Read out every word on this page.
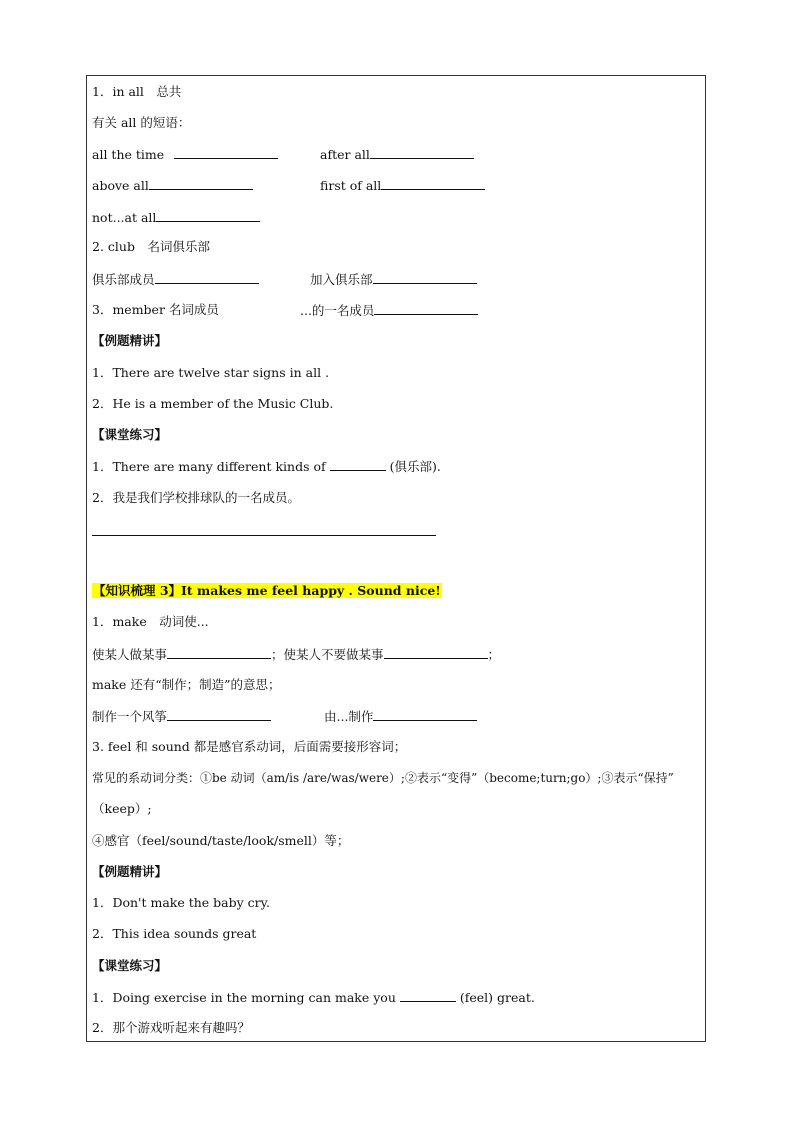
1．in all　总共
有关 all 的短语：
all the time	after all
above all	first of all
not...at all
2. club　名词俱乐部
俱乐部成员	加入俱乐部
3．member 名词成员	...的一名成员
【例题精讲】
1．There are twelve star signs in all .
2．He is a member of the Music Club.
【课堂练习】
1．There are many different kinds of	(俱乐部).
2．我是我们学校排球队的一名成员。
【知识梳理 3】It makes me feel happy . Sound nice!
1．make　动词使...
使某人做某事	；使某人不要做某事	；
make 还有“制作；制造”的意思；
制作一个风筝	由...制作
3. feel 和 sound 都是感官系动词，后面需要接形容词；
常见的系动词分类：①be 动词（am/is /are/was/were）;②表示“变得”（become;turn;go）;③表示“保持”
（keep）;
④感官（feel/sound/taste/look/smell）等；
【例题精讲】
1．Don't make the baby cry.
2．This idea sounds great
【课堂练习】
1．Doing exercise in the morning can make you	(feel) great.
2．那个游戏听起来有趣吗？
